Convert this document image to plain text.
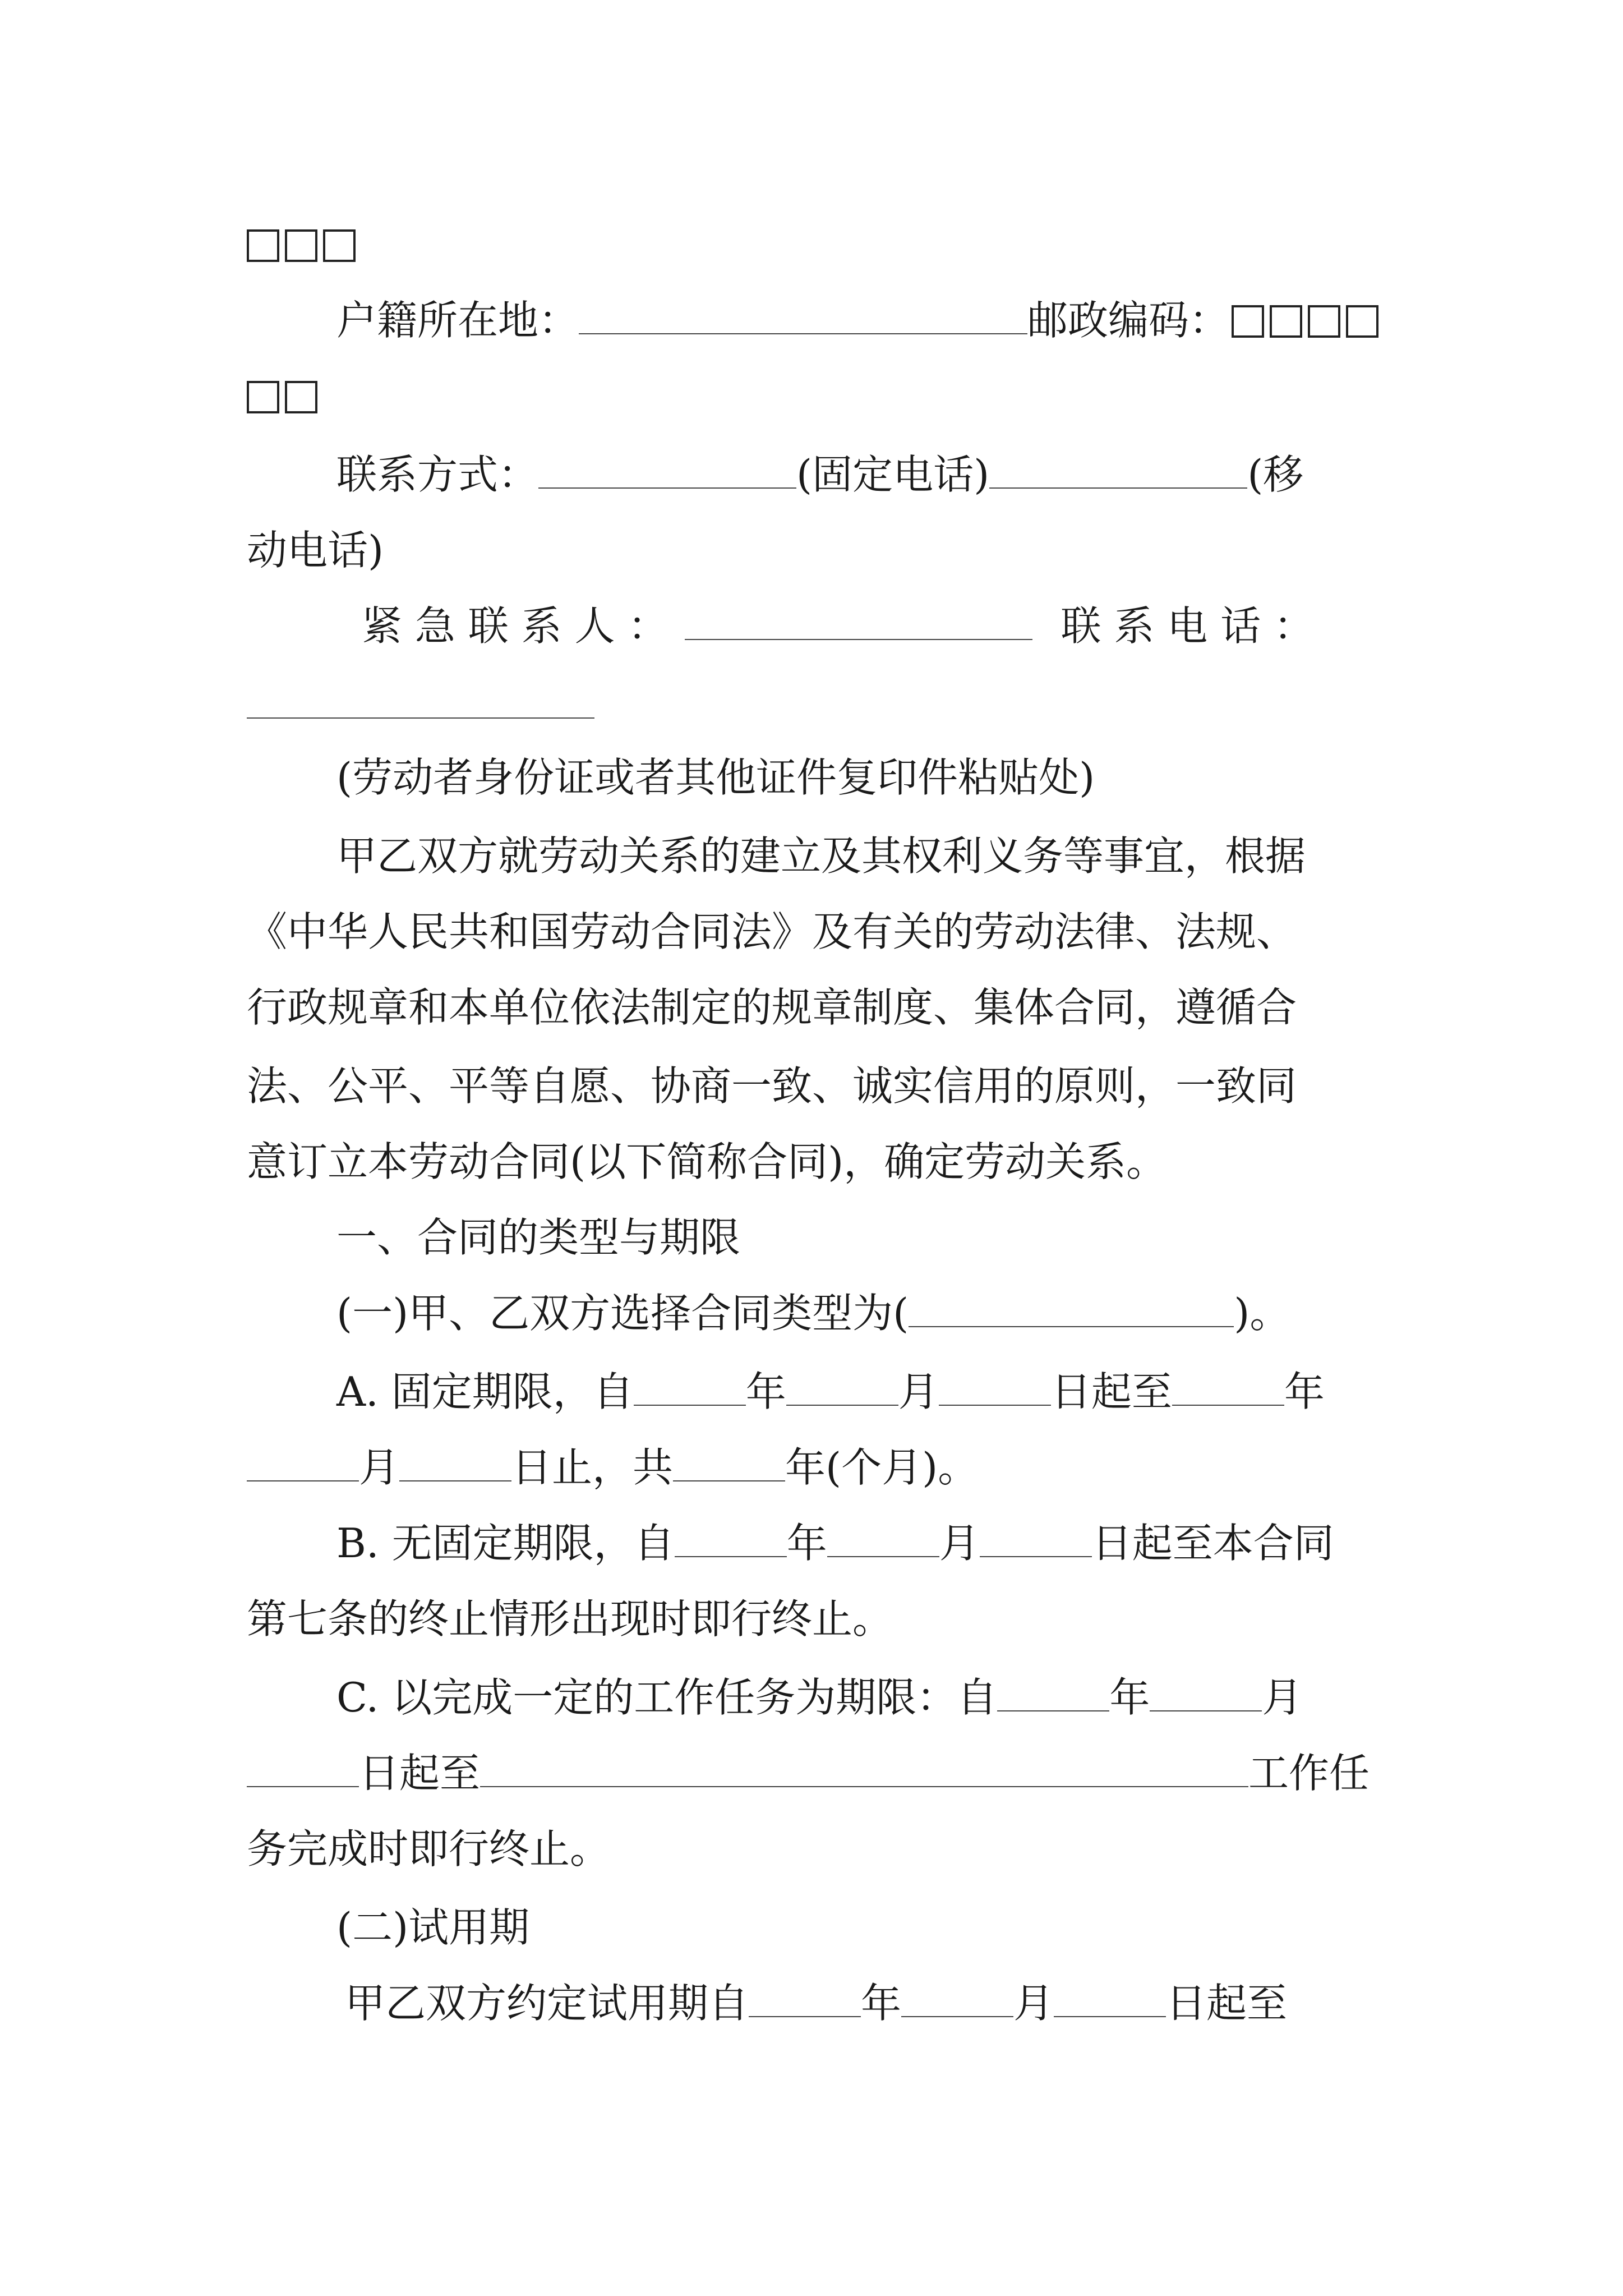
户籍所在地：	邮政编码：
联系方式：	(固定电话)	(移
动电话)
紧 急 联 系 人 ：	联 系 电 话 ：
(劳动者身份证或者其他证件复印件粘贴处)
甲乙双方就劳动关系的建立及其权利义务等事宜，根据
《中华人民共和国劳动合同法》及有关的劳动法律、法规、
行政规章和本单位依法制定的规章制度、集体合同，遵循合
法、公平、平等自愿、协商一致、诚实信用的原则，一致同
意订立本劳动合同(以下简称合同)，确定劳动关系。
一、合同的类型与期限
(一)甲、乙双方选择合同类型为(	)。
A. 固定期限，自	年	月	日起至	年
月	日止，共	年(个月)。
B. 无固定期限，自	年	月	日起至本合同
第七条的终止情形出现时即行终止。
C. 以完成一定的工作任务为期限：自	年	月
日起至	工作任
务完成时即行终止。
(二)试用期
甲乙双方约定试用期自	年	月	日起至
